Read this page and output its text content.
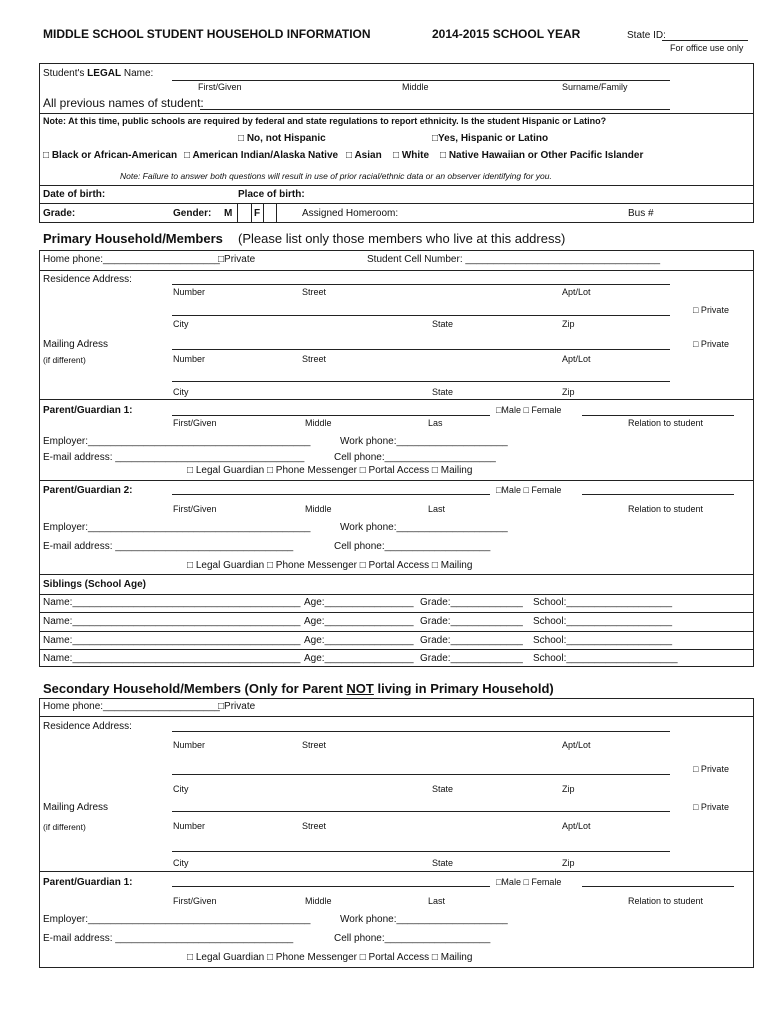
MIDDLE SCHOOL STUDENT HOUSEHOLD INFORMATION	2014-2015 SCHOOL YEAR	State ID:
For office use only
Student's LEGAL Name:
First/Given	Middle	Surname/Family
All previous names of student:
Note: At this time, public schools are required by federal and state regulations to report ethnicity. Is the student Hispanic or Latino?
□ No, not Hispanic	□Yes, Hispanic or Latino
□ Black or African-American □ American Indian/Alaska Native □ Asian □ White □ Native Hawaiian or Other Pacific Islander
Note: Failure to answer both questions will result in use of prior racial/ethnic data or an observer identifying for you.
Date of birth:	Place of birth:
Grade:	Gender: M F	Assigned Homeroom:	Bus #
Primary Household/Members (Please list only those members who live at this address)
Home phone:_____________________
□Private	Student Cell Number: ___________________________________
Residence Address:
Number	Street	Apt/Lot
□ Private
City	State	Zip
Mailing Adress	□ Private
(if different)	Number	Street	Apt/Lot
City	State	Zip
Parent/Guardian 1:	□Male □ Female
First/Given	Middle	Las	Relation to student
Employer:________________________________________	Work phone:____________________
E-mail address: __________________________________	Cell phone:____________________
□ Legal Guardian □ Phone Messenger □ Portal Access □ Mailing
Parent/Guardian 2:	□Male □ Female
First/Given	Middle	Last	Relation to student
Employer:________________________________________	Work phone:____________________
E-mail address: ________________________________	Cell phone:___________________
□ Legal Guardian □ Phone Messenger □ Portal Access □ Mailing
Siblings (School Age)
Name:_________________________________________ Age:________________ Grade:_____________ School:___________________
Name:_________________________________________ Age:________________ Grade:_____________ School:___________________
Name:_________________________________________ Age:________________ Grade:_____________ School:___________________
Name:_________________________________________ Age:________________ Grade:_____________ School:____________________
Secondary Household/Members (Only for Parent NOT living in Primary Household)
Home phone:_____________________
□Private
Residence Address:
Number	Street	Apt/Lot
□ Private
City	State	Zip
Mailing Adress	□ Private
(if different)	Number	Street	Apt/Lot
City	State	Zip
Parent/Guardian 1:	□Male □ Female
First/Given	Middle	Last	Relation to student
Employer:________________________________________	Work phone:____________________
E-mail address: ________________________________	Cell phone:___________________
□ Legal Guardian □ Phone Messenger □ Portal Access □ Mailing
